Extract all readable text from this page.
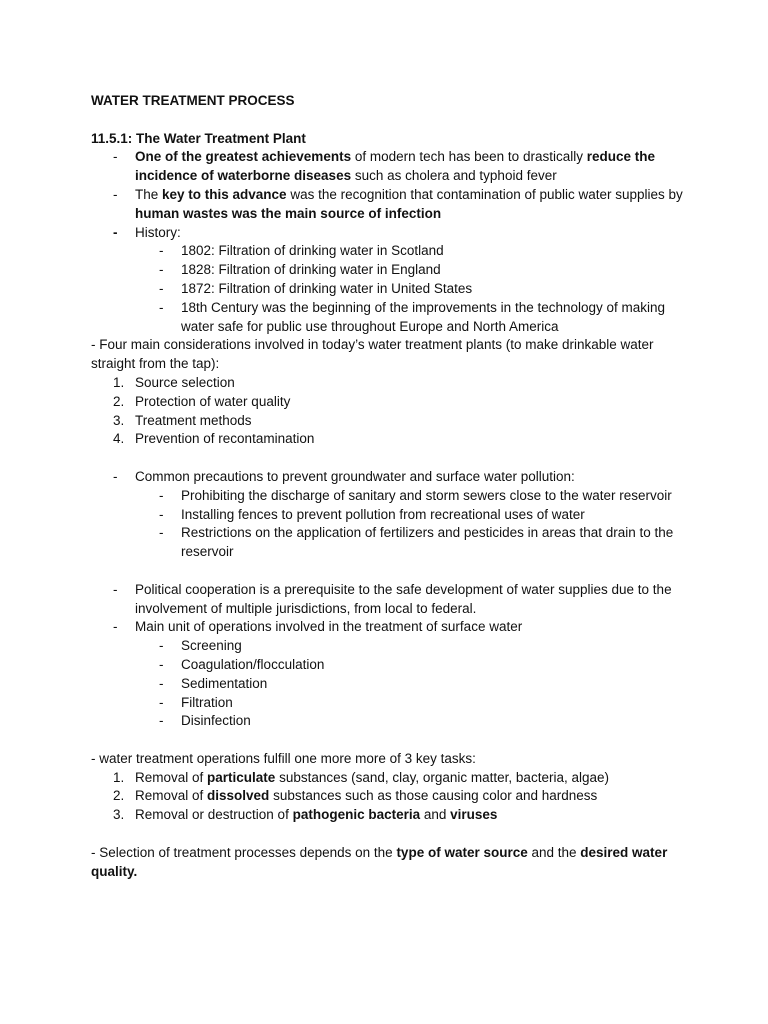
WATER TREATMENT PROCESS
11.5.1: The Water Treatment Plant
- One of the greatest achievements of modern tech has been to drastically reduce the incidence of waterborne diseases such as cholera and typhoid fever
- The key to this advance was the recognition that contamination of public water supplies by human wastes was the main source of infection
- History:
- 1802: Filtration of drinking water in Scotland
- 1828: Filtration of drinking water in England
- 1872: Filtration of drinking water in United States
- 18th Century was the beginning of the improvements in the technology of making water safe for public use throughout Europe and North America
- Four main considerations involved in today’s water treatment plants (to make drinkable water straight from the tap):
1. Source selection
2. Protection of water quality
3. Treatment methods
4. Prevention of recontamination
- Common precautions to prevent groundwater and surface water pollution:
- Prohibiting the discharge of sanitary and storm sewers close to the water reservoir
- Installing fences to prevent pollution from recreational uses of water
- Restrictions on the application of fertilizers and pesticides in areas that drain to the reservoir
- Political cooperation is a prerequisite to the safe development of water supplies due to the involvement of multiple jurisdictions, from local to federal.
- Main unit of operations involved in the treatment of surface water
- Screening
- Coagulation/flocculation
- Sedimentation
- Filtration
- Disinfection
- water treatment operations fulfill one more more of 3 key tasks:
1. Removal of particulate substances (sand, clay, organic matter, bacteria, algae)
2. Removal of dissolved substances such as those causing color and hardness
3. Removal or destruction of pathogenic bacteria and viruses
- Selection of treatment processes depends on the type of water source and the desired water quality.
